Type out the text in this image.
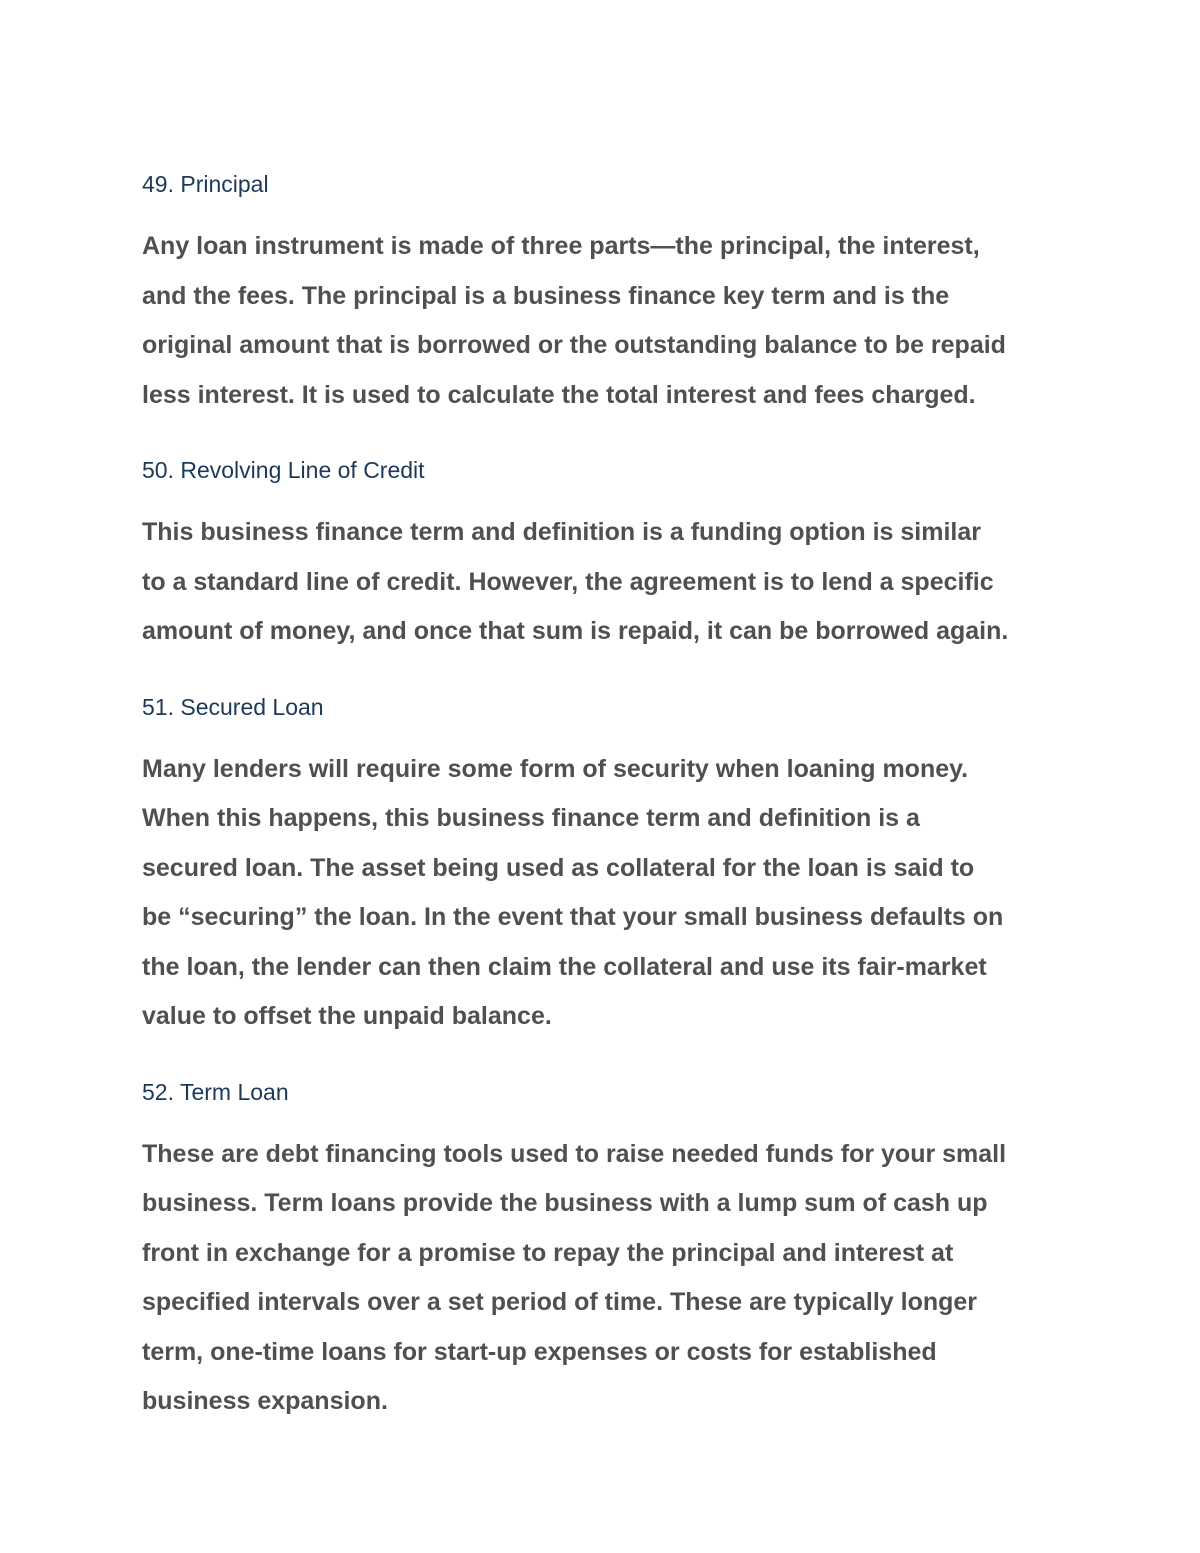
49. Principal

Any loan instrument is made of three parts—the principal, the interest,
and the fees. The principal is a business finance key term and is the
original amount that is borrowed or the outstanding balance to be repaid
less interest. It is used to calculate the total interest and fees charged.

50. Revolving Line of Credit

This business finance term and definition is a funding option is similar
to a standard line of credit. However, the agreement is to lend a specific
amount of money, and once that sum is repaid, it can be borrowed again.

51. Secured Loan

Many lenders will require some form of security when loaning money.
When this happens, this business finance term and definition is a
secured loan. The asset being used as collateral for the loan is said to
be “securing” the loan. In the event that your small business defaults on
the loan, the lender can then claim the collateral and use its fair-market
value to offset the unpaid balance.

52. Term Loan

These are debt financing tools used to raise needed funds for your small
business. Term loans provide the business with a lump sum of cash up
front in exchange for a promise to repay the principal and interest at
specified intervals over a set period of time. These are typically longer
term, one-time loans for start-up expenses or costs for established
business expansion.
